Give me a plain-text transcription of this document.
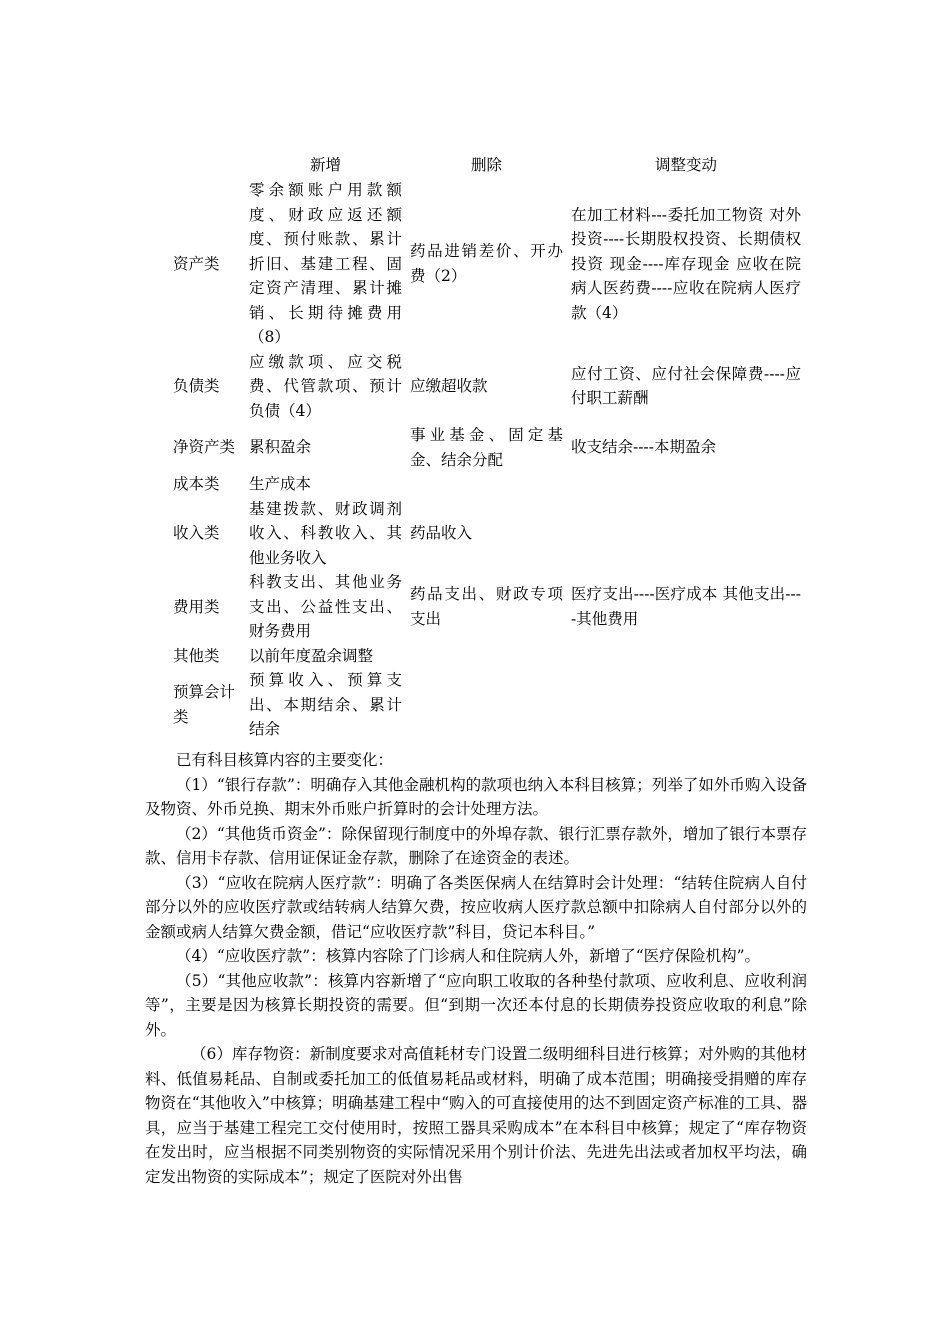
	新增	删除	调整变动
资产类	零余额账户用款额度、财政应返还额度、预付账款、累计折旧、基建工程、固定资产清理、累计摊销、长期待摊费用（8）	药品进销差价、开办费（2）	在加工材料---委托加工物资 对外投资----长期股权投资、长期债权投资 现金----库存现金 应收在院病人医药费----应收在院病人医疗款（4）
负债类	应缴款项、应交税费、代管款项、预计负债（4）	应缴超收款	应付工资、应付社会保障费----应付职工薪酬
净资产类	累积盈余	事业基金、固定基金、结余分配	收支结余----本期盈余
成本类	生产成本		
收入类	基建拨款、财政调剂收入、科教收入、其他业务收入	药品收入	
费用类	科教支出、其他业务支出、公益性支出、财务费用	药品支出、财政专项支出	医疗支出----医疗成本 其他支出----其他费用
其他类	以前年度盈余调整		
预算会计类	预算收入、预算支出、本期结余、累计结余		

已有科目核算内容的主要变化：

（1）“银行存款”：明确存入其他金融机构的款项也纳入本科目核算；列举了如外币购入设备及物资、外币兑换、期末外币账户折算时的会计处理方法。

（2）“其他货币资金”：除保留现行制度中的外埠存款、银行汇票存款外，增加了银行本票存款、信用卡存款、信用证保证金存款，删除了在途资金的表述。

（3）“应收在院病人医疗款”：明确了各类医保病人在结算时会计处理：“结转住院病人自付部分以外的应收医疗款或结转病人结算欠费，按应收病人医疗款总额中扣除病人自付部分以外的金额或病人结算欠费金额，借记“应收医疗款”科目，贷记本科目。”

（4）“应收医疗款”：核算内容除了门诊病人和住院病人外，新增了“医疗保险机构”。

（5）“其他应收款”：核算内容新增了“应向职工收取的各种垫付款项、应收利息、应收利润等”，主要是因为核算长期投资的需要。但“到期一次还本付息的长期债券投资应收取的利息”除外。

（6）库存物资：新制度要求对高值耗材专门设置二级明细科目进行核算；对外购的其他材料、低值易耗品、自制或委托加工的低值易耗品或材料，明确了成本范围；明确接受捐赠的库存物资在“其他收入”中核算；明确基建工程中“购入的可直接使用的达不到固定资产标准的工具、器具，应当于基建工程完工交付使用时，按照工器具采购成本”在本科目中核算；规定了“库存物资在发出时，应当根据不同类别物资的实际情况采用个别计价法、先进先出法或者加权平均法，确定发出物资的实际成本”；规定了医院对外出售
